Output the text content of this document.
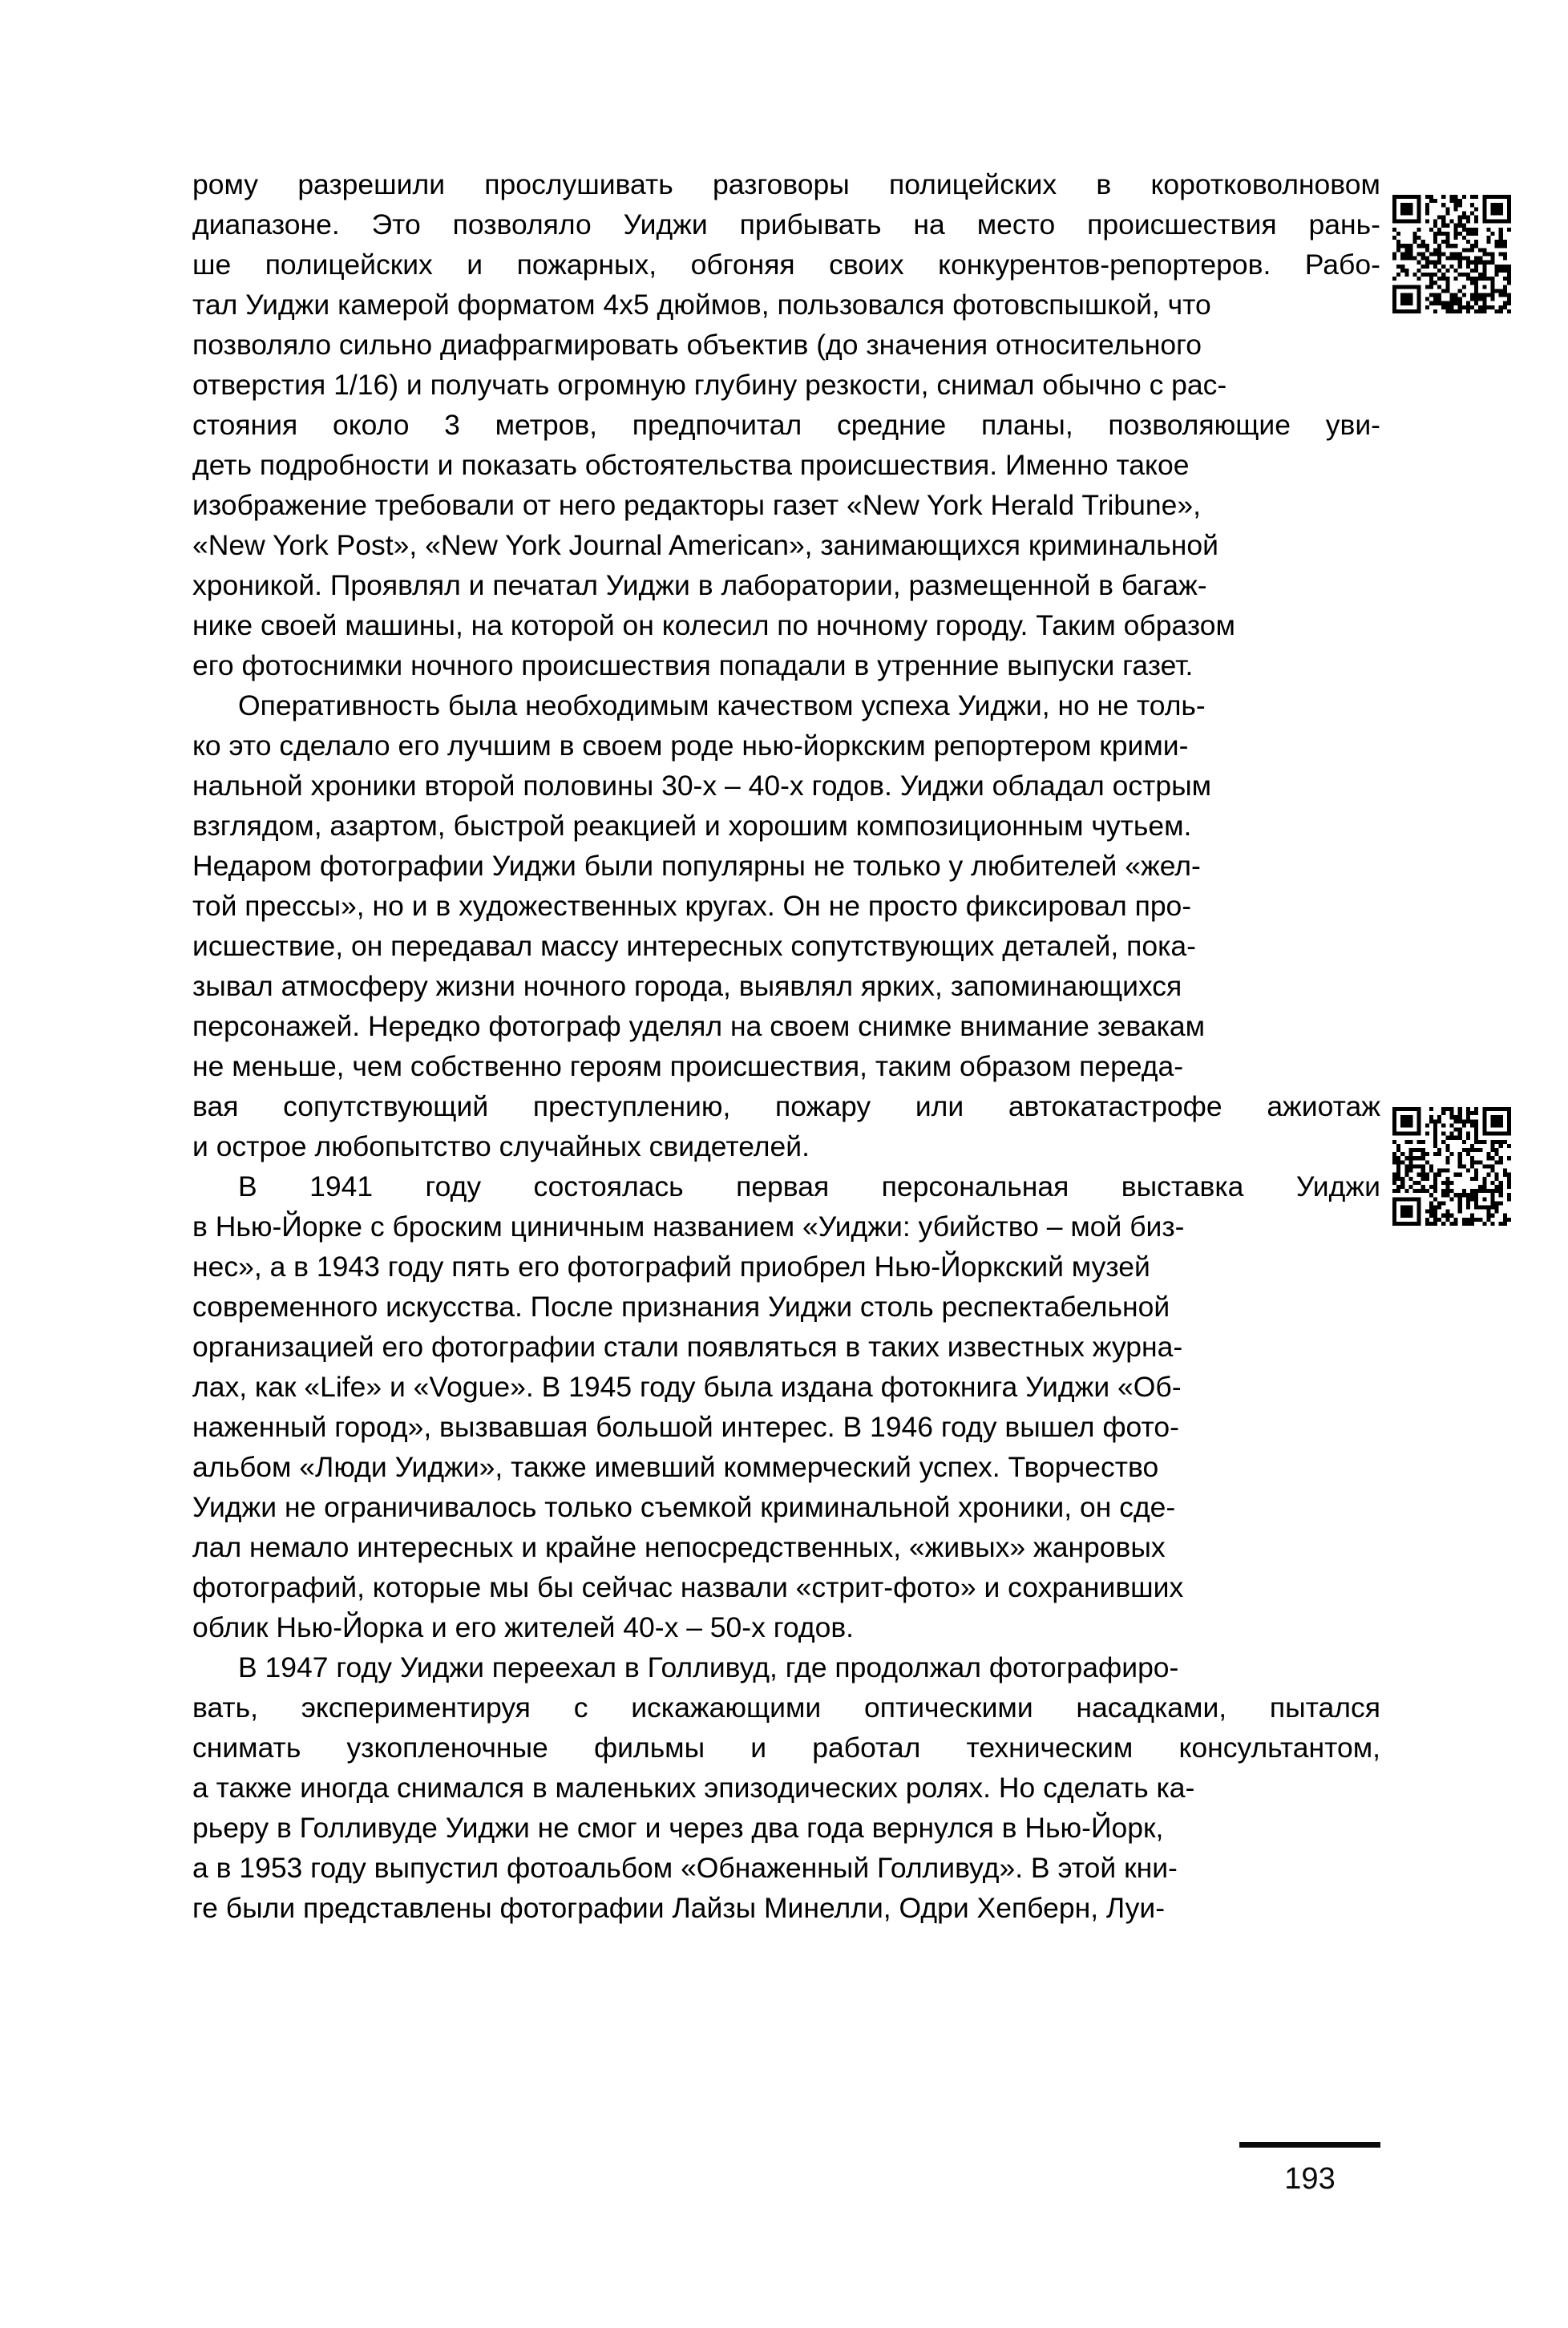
рому разрешили прослушивать разговоры полицейских в коротковолновом
диапазоне. Это позволяло Уиджи прибывать на место происшествия рань-
ше полицейских и пожарных, обгоняя своих конкурентов-репортеров. Рабо-
тал Уиджи камерой форматом 4х5 дюймов, пользовался фотовспышкой, что
позволяло сильно диафрагмировать объектив (до значения относительного
отверстия 1/16) и получать огромную глубину резкости, снимал обычно с рас-
стояния около 3 метров, предпочитал средние планы, позволяющие уви-
деть подробности и показать обстоятельства происшествия. Именно такое
изображение требовали от него редакторы газет «New York Herald Tribune»,
«New York Post», «New York Journal American», занимающихся криминальной
хроникой. Проявлял и печатал Уиджи в лаборатории, размещенной в багаж-
нике своей машины, на которой он колесил по ночному городу. Таким образом
его фотоснимки ночного происшествия попадали в утренние выпуски газет.
Оперативность была необходимым качеством успеха Уиджи, но не толь-
ко это сделало его лучшим в своем роде нью-йоркским репортером крими-
нальной хроники второй половины 30-х – 40-х годов. Уиджи обладал острым
взглядом, азартом, быстрой реакцией и хорошим композиционным чутьем.
Недаром фотографии Уиджи были популярны не только у любителей «жел-
той прессы», но и в художественных кругах. Он не просто фиксировал про-
исшествие, он передавал массу интересных сопутствующих деталей, пока-
зывал атмосферу жизни ночного города, выявлял ярких, запоминающихся
персонажей. Нередко фотограф уделял на своем снимке внимание зевакам
не меньше, чем собственно героям происшествия, таким образом переда-
вая сопутствующий преступлению, пожару или автокатастрофе ажиотаж
и острое любопытство случайных свидетелей.
В 1941 году состоялась первая персональная выставка Уиджи
в Нью-Йорке с броским циничным названием «Уиджи: убийство – мой биз-
нес», а в 1943 году пять его фотографий приобрел Нью-Йоркский музей
современного искусства. После признания Уиджи столь респектабельной
организацией его фотографии стали появляться в таких известных журна-
лах, как «Life» и «Vogue». В 1945 году была издана фотокнига Уиджи «Об-
наженный город», вызвавшая большой интерес. В 1946 году вышел фото-
альбом «Люди Уиджи», также имевший коммерческий успех. Творчество
Уиджи не ограничивалось только съемкой криминальной хроники, он сде-
лал немало интересных и крайне непосредственных, «живых» жанровых
фотографий, которые мы бы сейчас назвали «стрит-фото» и сохранивших
облик Нью-Йорка и его жителей 40-х – 50-х годов.
В 1947 году Уиджи переехал в Голливуд, где продолжал фотографиро-
вать, экспериментируя с искажающими оптическими насадками, пытался
снимать узкопленочные фильмы и работал техническим консультантом,
а также иногда снимался в маленьких эпизодических ролях. Но сделать ка-
рьеру в Голливуде Уиджи не смог и через два года вернулся в Нью-Йорк,
а в 1953 году выпустил фотоальбом «Обнаженный Голливуд». В этой кни-
ге были представлены фотографии Лайзы Минелли, Одри Хепберн, Луи-
193
